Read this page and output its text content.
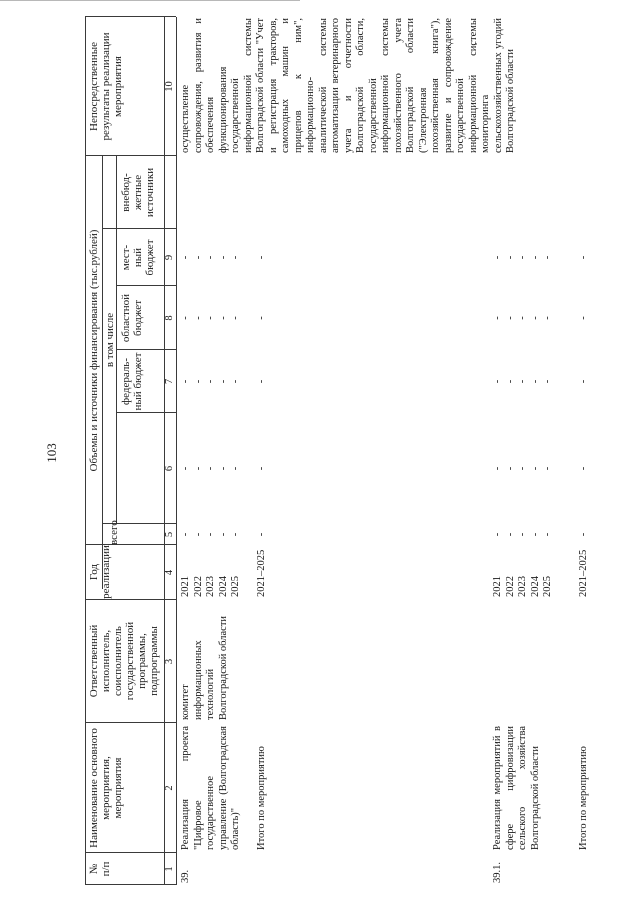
103
№
п/п
Наименование основного мероприятия, мероприятия
Ответственный исполнитель, соисполнитель государственной программы, подпрограммы
Год реализации
Объемы и источники финансирования (тыс.рублей)
всего
в том числе
федераль-
ный бюджет
областной
бюджет
мест-
ный
бюджет
внебюд-
жетные
источники
Непосредственные результаты реализации мероприятия
1
2
3
4
5
6
7
8
9
10
39.
Реализация проекта "Цифровое государственное управление (Волгоградская область)"
комитет информационных технологий Волгоградской области
2021
2022
2023
2024
2025
-
-
-
-
-
-
-
-
-
-
-
-
-
-
-
-
-
-
-
-
-
-
-
-
-
осуществление сопровождения, развития и обеспечения функционирования государственной информационной системы Волгоградской области "Учет и регистрация тракторов, самоходных машин и прицепов к ним", информационно-аналитической системы автоматизации ветеринарного учета и отчетности Волгоградской области, государственной информационной системы похозяйственного учета Волгоградской области ("Электронная похозяйственная книга"), развитие и сопровождение государственной информационной системы мониторинга сельскохозяйственных угодий Волгоградской области
Итого по мероприятию
2021–2025
-
-
-
-
-
39.1.
Реализация мероприятий в сфере цифровизации сельского хозяйства Волгоградской области
2021
2022
2023
2024
2025
-
-
-
-
-
-
-
-
-
-
-
-
-
-
-
-
-
-
-
-
-
-
-
-
-
Итого по мероприятию
2021–2025
-
-
-
-
-
